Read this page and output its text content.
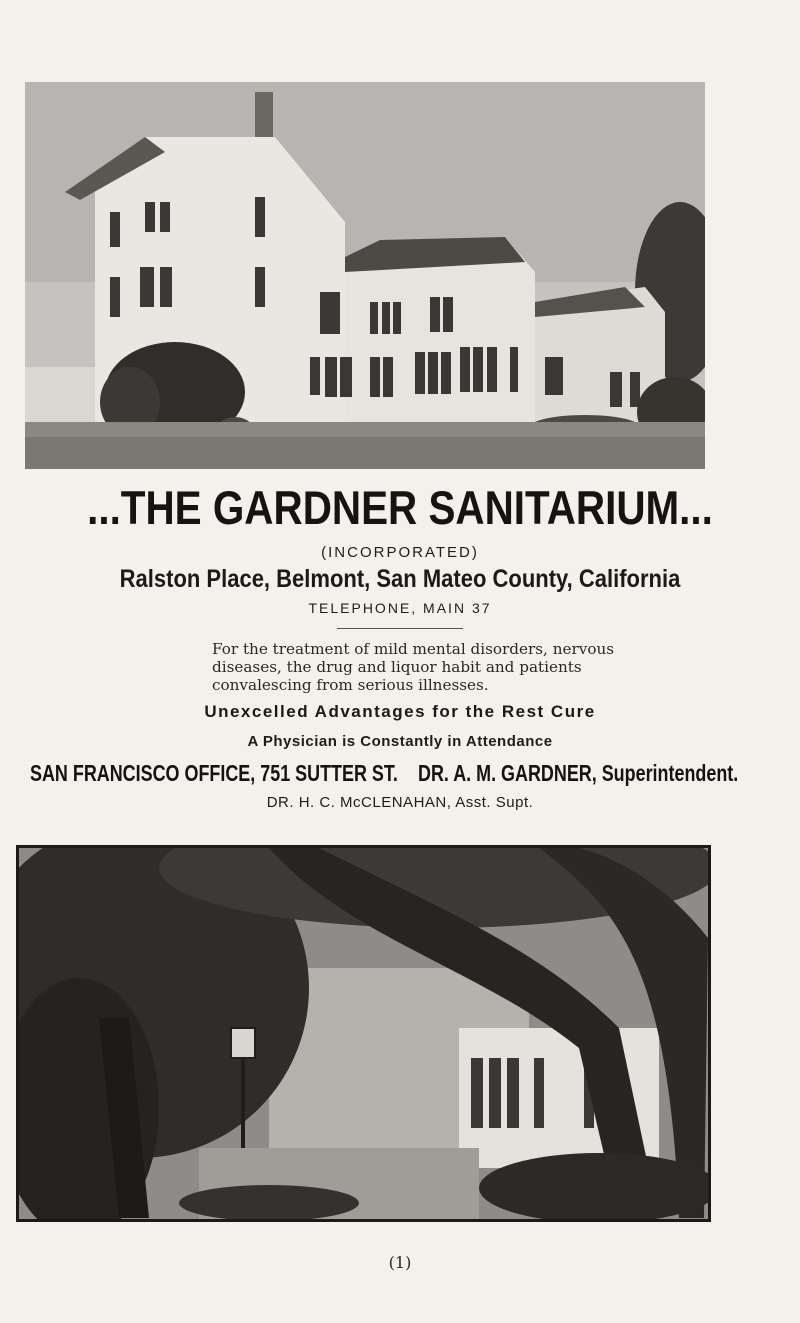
...THE GARDNER SANITARIUM...
(INCORPORATED)
Ralston Place, Belmont, San Mateo County, California
TELEPHONE, MAIN 37
For the treatment of mild mental disorders, nervous diseases, the drug and liquor habit and patients convalescing from serious illnesses.
Unexcelled Advantages for the Rest Cure
A Physician is Constantly in Attendance
SAN FRANCISCO OFFICE, 751 SUTTER ST. DR. A. M. GARDNER, Superintendent.
DR. H. C. McCLENAHAN, Asst. Supt.
(1)
